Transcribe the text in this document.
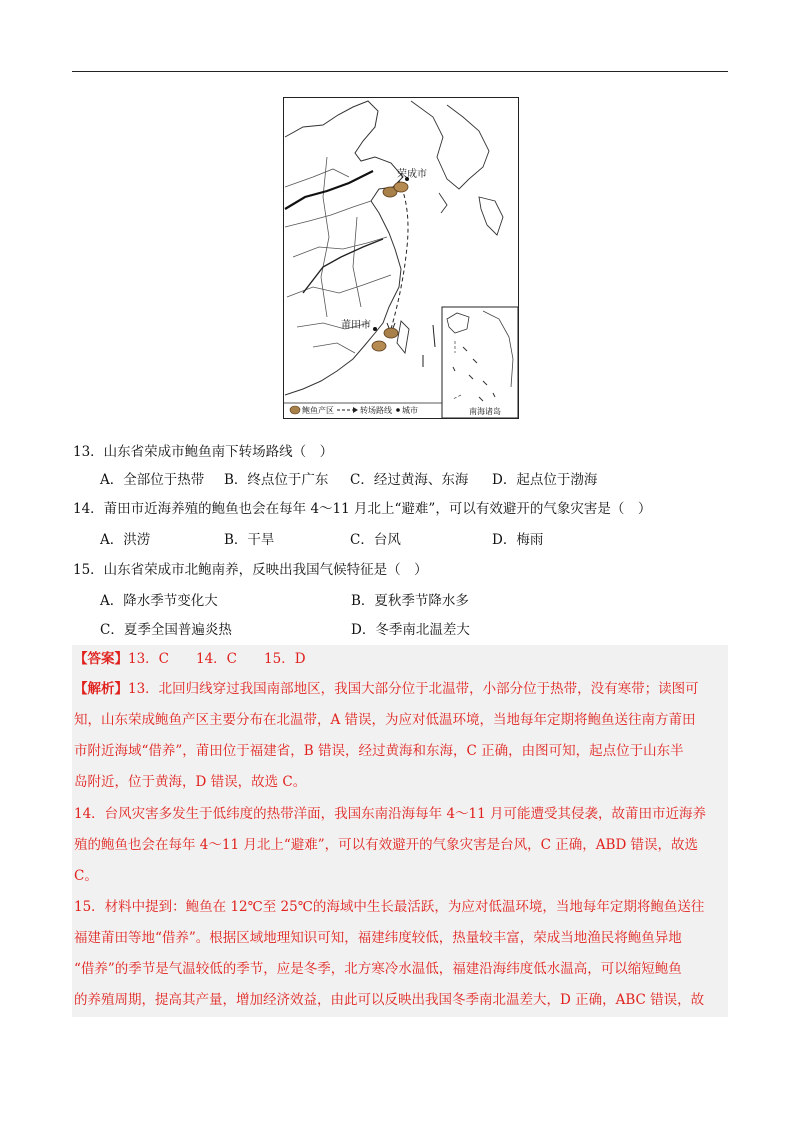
荣成市
莆田市
南海诸岛
鲍鱼产区	转场路线 城市
13．山东省荣成市鲍鱼南下转场路线（　）
A．全部位于热带 B．终点位于广东 C．经过黄海、东海 D．起点位于渤海
14．莆田市近海养殖的鲍鱼也会在每年 4～11 月北上“避难”，可以有效避开的气象灾害是（　）
A．洪涝	B．干旱	C．台风	D．梅雨
15．山东省荣成市北鲍南养，反映出我国气候特征是（　）
A．降水季节变化大	B．夏秋季节降水多
C．夏季全国普遍炎热	D．冬季南北温差大
【答案】13．C　　14．C　　15．D
【解析】13．北回归线穿过我国南部地区，我国大部分位于北温带，小部分位于热带，没有寒带；读图可
知，山东荣成鲍鱼产区主要分布在北温带，A 错误，为应对低温环境，当地每年定期将鲍鱼送往南方莆田
市附近海域“借养”，莆田位于福建省，B 错误，经过黄海和东海，C 正确，由图可知，起点位于山东半
岛附近，位于黄海，D 错误，故选 C。
14．台风灾害多发生于低纬度的热带洋面，我国东南沿海每年 4～11 月可能遭受其侵袭，故莆田市近海养
殖的鲍鱼也会在每年 4～11 月北上“避难”，可以有效避开的气象灾害是台风，C 正确，ABD 错误，故选
C。
15．材料中提到：鲍鱼在 12℃至 25℃的海域中生长最活跃，为应对低温环境，当地每年定期将鲍鱼送往
福建莆田等地“借养”。根据区域地理知识可知，福建纬度较低，热量较丰富，荣成当地渔民将鲍鱼异地
“借养”的季节是气温较低的季节，应是冬季，北方寒冷水温低，福建沿海纬度低水温高，可以缩短鲍鱼
的养殖周期，提高其产量，增加经济效益，由此可以反映出我国冬季南北温差大，D 正确，ABC 错误，故
